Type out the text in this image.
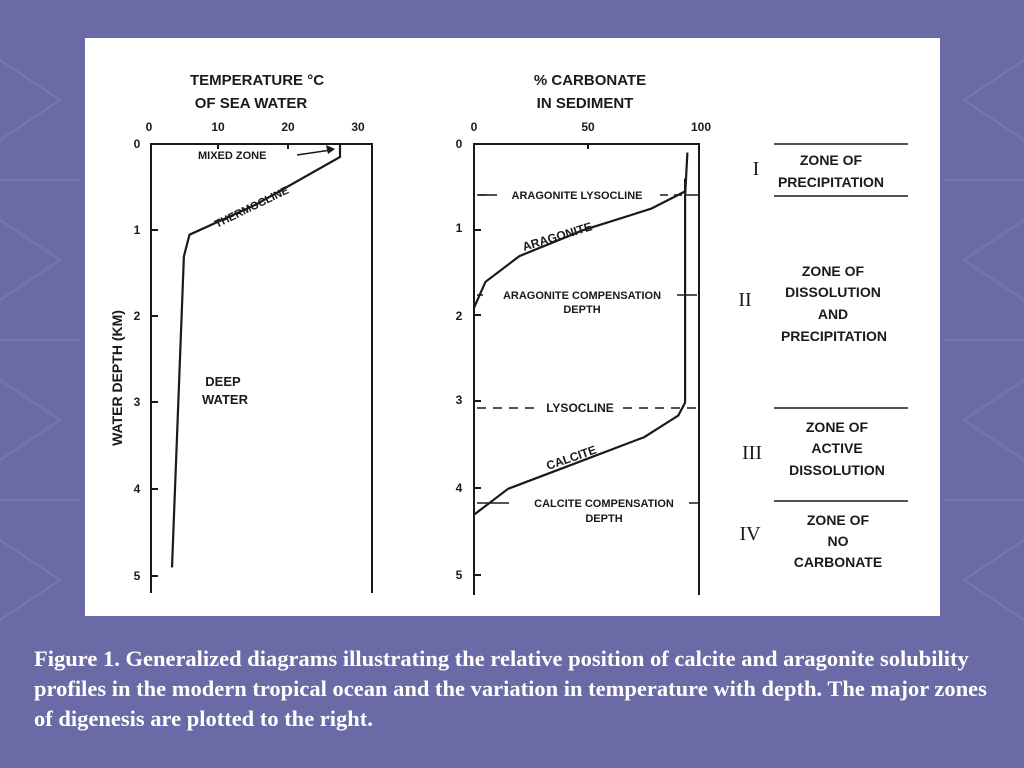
TEMPERATURE °C
OF SEA WATER
0	10	20	30
WATER DEPTH (KM)
0
1
2
3
4
5
MIXED ZONE
THERMOCLINE
DEEP
WATER
% CARBONATE
IN SEDIMENT
0	50	100
0
1
2
3
4
5
ARAGONITE LYSOCLINE
ARAGONITE COMPENSATION
DEPTH
LYSOCLINE
CALCITE COMPENSATION
DEPTH
ARAGONITE
CALCITE
I	ZONE OF
PRECIPITATION
II
ZONE OF
DISSOLUTION
AND
PRECIPITATION
III
ZONE OF
ACTIVE
DISSOLUTION
IV
ZONE OF
NO
CARBONATE

Figure 1. Generalized diagrams illustrating the relative position of calcite and aragonite solubility profiles in the modern tropical ocean and the variation in temperature with depth. The major zones of digenesis are plotted to the right.
